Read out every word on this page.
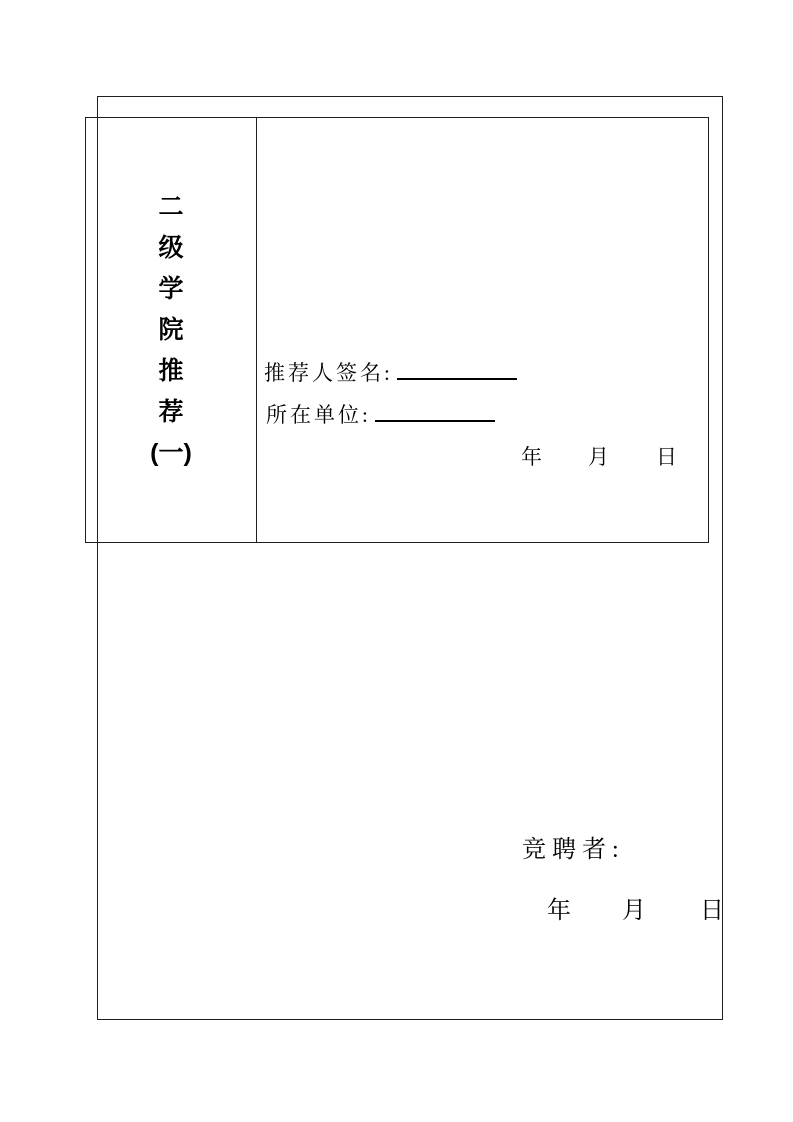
二
级
学
院
推
荐
(一)
推荐人签名:
所在单位:
年 月 日
竞聘者:
年 月 日
